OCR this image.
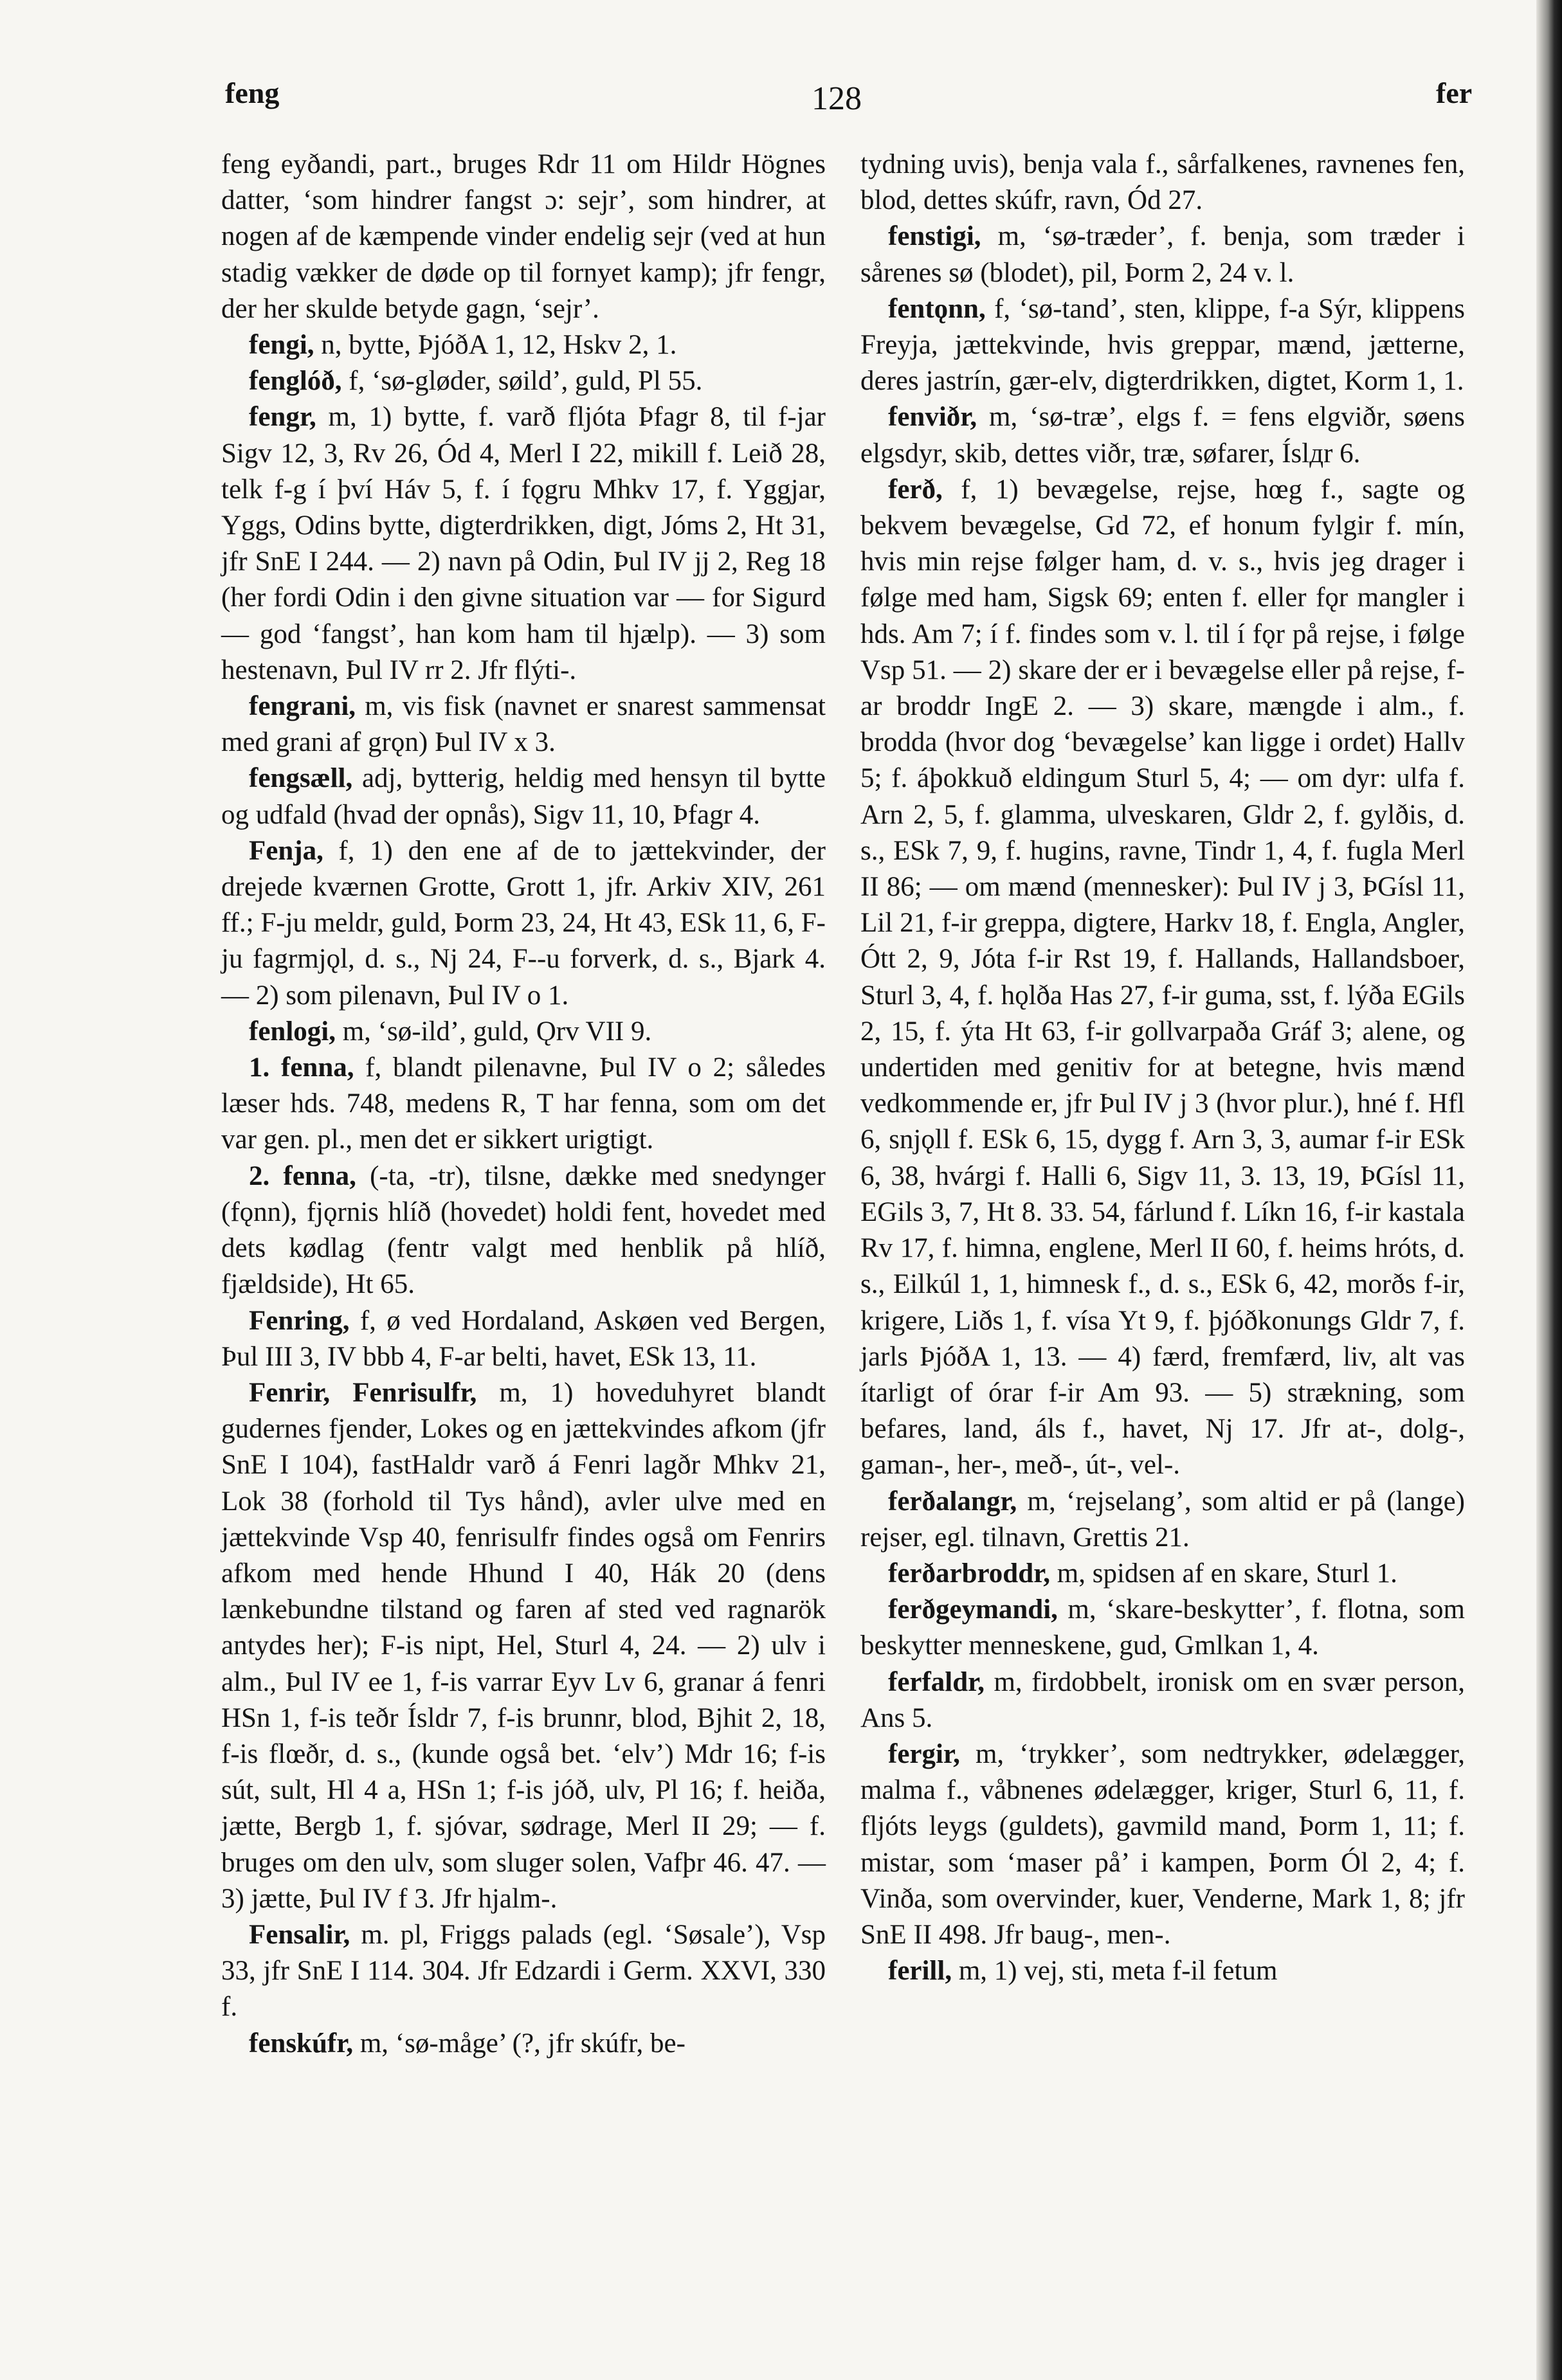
feng	128	fer

feng eyðandi, part., bruges Rdr 11 om Hildr Högnes datter, ‘som hindrer fangst ɔ: sejr’, som hindrer, at nogen af de kæmpende vinder endelig sejr (ved at hun stadig vækker de døde op til fornyet kamp); jfr fengr, der her skulde betyde gagn, ‘sejr’.

fengi, n, bytte, ÞjóðA 1, 12, Hskv 2, 1.

fenglóð, f, ‘sø-gløder, søild’, guld, Pl 55.

fengr, m, 1) bytte, f. varð fljóta Þfagr 8, til f-jar Sigv 12, 3, Rv 26, Ód 4, Merl I 22, mikill f. Leið 28, telk f-g í því Háv 5, f. í fǫgru Mhkv 17, f. Yggjar, Yggs, Odins bytte, digterdrikken, digt, Jóms 2, Ht 31, jfr SnE I 244. — 2) navn på Odin, Þul IV jj 2, Reg 18 (her fordi Odin i den givne situation var — for Sigurd — god ‘fangst’, han kom ham til hjælp). — 3) som hestenavn, Þul IV rr 2. Jfr flýti-.

fengrani, m, vis fisk (navnet er snarest sammensat med grani af grǫn) Þul IV x 3.

fengsæll, adj, bytterig, heldig med hensyn til bytte og udfald (hvad der opnås), Sigv 11, 10, Þfagr 4.

Fenja, f, 1) den ene af de to jættekvinder, der drejede kværnen Grotte, Grott 1, jfr. Arkiv XIV, 261 ff.; F-ju meldr, guld, Þorm 23, 24, Ht 43, ESk 11, 6, F-ju fagrmjǫl, d. s., Nj 24, F--u forverk, d. s., Bjark 4. — 2) som pilenavn, Þul IV o 1.

fenlogi, m, ‘sø-ild’, guld, Ǫrv VII 9.

1. fenna, f, blandt pilenavne, Þul IV o 2; således læser hds. 748, medens R, T har fenna, som om det var gen. pl., men det er sikkert urigtigt.

2. fenna, (-ta, -tr), tilsne, dække med snedynger (fǫnn), fjǫrnis hlíð (hovedet) holdi fent, hovedet med dets kødlag (fentr valgt med henblik på hlíð, fjældside), Ht 65.

Fenring, f, ø ved Hordaland, Askøen ved Bergen, Þul III 3, IV bbb 4, F-ar belti, havet, ESk 13, 11.

Fenrir, Fenrisulfr, m, 1) hoveduhyret blandt gudernes fjender, Lokes og en jættekvindes afkom (jfr SnE I 104), fastHaldr varð á Fenri lagðr Mhkv 21, Lok 38 (forhold til Tys hånd), avler ulve med en jættekvinde Vsp 40, fenrisulfr findes også om Fenrirs afkom med hende Hhund I 40, Hák 20 (dens lænkebundne tilstand og faren af sted ved ragnarök antydes her); F-is nipt, Hel, Sturl 4, 24. — 2) ulv i alm., Þul IV ee 1, f-is varrar Eyv Lv 6, granar á fenri HSn 1, f-is teðr Ísldr 7, f-is brunnr, blod, Bjhit 2, 18, f-is flœðr, d. s., (kunde også bet. ‘elv’) Mdr 16; f-is sút, sult, Hl 4 a, HSn 1; f-is jóð, ulv, Pl 16; f. heiða, jætte, Bergb 1, f. sjóvar, sødrage, Merl II 29; — f. bruges om den ulv, som sluger solen, Vafþr 46. 47. — 3) jætte, Þul IV f 3. Jfr hjalm-.

Fensalir, m. pl, Friggs palads (egl. ‘Søsale’), Vsp 33, jfr SnE I 114. 304. Jfr Edzardi i Germ. XXVI, 330 f.

fenskúfr, m, ‘sø-måge’ (?, jfr skúfr, be-

tydning uvis), benja vala f., sårfalkenes, ravnenes fen, blod, dettes skúfr, ravn, Ód 27.

fenstigi, m, ‘sø-træder’, f. benja, som træder i sårenes sø (blodet), pil, Þorm 2, 24 v. l.

fentǫnn, f, ‘sø-tand’, sten, klippe, f-a Sýr, klippens Freyja, jættekvinde, hvis greppar, mænd, jætterne, deres jastrín, gær-elv, digterdrikken, digtet, Korm 1, 1.

fenviðr, m, ‘sø-træ’, elgs f. = fens elgviðr, søens elgsdyr, skib, dettes viðr, træ, søfarer, Íslдr 6.

ferð, f, 1) bevægelse, rejse, hœg f., sagte og bekvem bevægelse, Gd 72, ef honum fylgir f. mín, hvis min rejse følger ham, d. v. s., hvis jeg drager i følge med ham, Sigsk 69; enten f. eller fǫr mangler i hds. Am 7; í f. findes som v. l. til í fǫr på rejse, i følge Vsp 51. — 2) skare der er i bevægelse eller på rejse, f-ar broddr IngE 2. — 3) skare, mængde i alm., f. brodda (hvor dog ‘bevægelse’ kan ligge i ordet) Hallv 5; f. áþokkuð eldingum Sturl 5, 4; — om dyr: ulfa f. Arn 2, 5, f. glamma, ulveskaren, Gldr 2, f. gylðis, d. s., ESk 7, 9, f. hugins, ravne, Tindr 1, 4, f. fugla Merl II 86; — om mænd (mennesker): Þul IV j 3, ÞGísl 11, Lil 21, f-ir greppa, digtere, Harkv 18, f. Engla, Angler, Ótt 2, 9, Jóta f-ir Rst 19, f. Hallands, Hallandsboer, Sturl 3, 4, f. hǫlða Has 27, f-ir guma, sst, f. lýða EGils 2, 15, f. ýta Ht 63, f-ir gollvarpaða Gráf 3; alene, og undertiden med genitiv for at betegne, hvis mænd vedkommende er, jfr Þul IV j 3 (hvor plur.), hné f. Hfl 6, snjǫll f. ESk 6, 15, dygg f. Arn 3, 3, aumar f-ir ESk 6, 38, hvárgi f. Halli 6, Sigv 11, 3. 13, 19, ÞGísl 11, EGils 3, 7, Ht 8. 33. 54, fárlund f. Líkn 16, f-ir kastala Rv 17, f. himna, englene, Merl II 60, f. heims hróts, d. s., Eilkúl 1, 1, himnesk f., d. s., ESk 6, 42, morðs f-ir, krigere, Liðs 1, f. vísa Yt 9, f. þjóðkonungs Gldr 7, f. jarls ÞjóðA 1, 13. — 4) færd, fremfærd, liv, alt vas ítarligt of órar f-ir Am 93. — 5) strækning, som befares, land, áls f., havet, Nj 17. Jfr at-, dolg-, gaman-, her-, með-, út-, vel-.

ferðalangr, m, ‘rejselang’, som altid er på (lange) rejser, egl. tilnavn, Grettis 21.

ferðarbroddr, m, spidsen af en skare, Sturl 1.

ferðgeymandi, m, ‘skare-beskytter’, f. flotna, som beskytter menneskene, gud, Gmlkan 1, 4.

ferfaldr, m, firdobbelt, ironisk om en svær person, Ans 5.

fergir, m, ‘trykker’, som nedtrykker, ødelægger, malma f., våbnenes ødelægger, kriger, Sturl 6, 11, f. fljóts leygs (guldets), gavmild mand, Þorm 1, 11; f. mistar, som ‘maser på’ i kampen, Þorm Ól 2, 4; f. Vinða, som overvinder, kuer, Venderne, Mark 1, 8; jfr SnE II 498. Jfr baug-, men-.

ferill, m, 1) vej, sti, meta f-il fetum
